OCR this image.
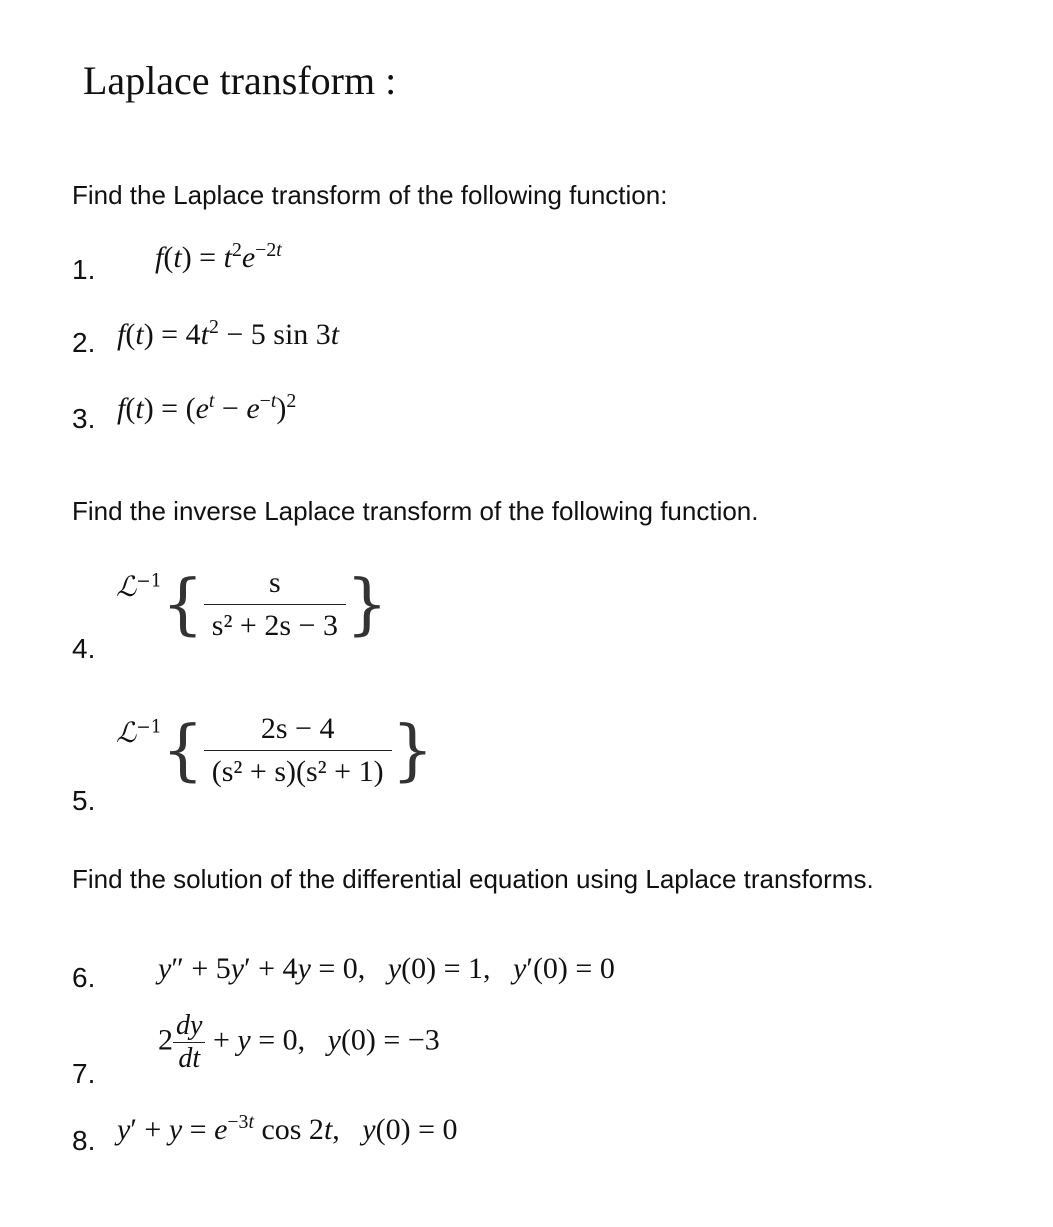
Laplace transform :
Find the Laplace transform of the following function:
1. $f(t) = t^2e^{-2t}$
2. $f(t) = 4t^2 - 5$ sin 3t
3. $f(t) = (e^t - e^{-t})^2$
Find the inverse Laplace transform of the following function.
4.
ℒ$^{-1}${ $\frac{s}{\text{s² + 2s − 3}}$ }
5.
ℒ$^{-1}${ $\frac{2s - 4}{\text{(s² + s)(s² + 1)}}$ }
Find the solution of the differential equation using Laplace transforms.
6. y″ + 5y′ + 4y = 0,   y(0) = 1,   y′(0) = 0
7.
$2 \frac{dy}{dt} + y = 0$,   y(0) = −3
8. $y' + y = e^{-3t}$ cos 2t,   y(0) = 0
